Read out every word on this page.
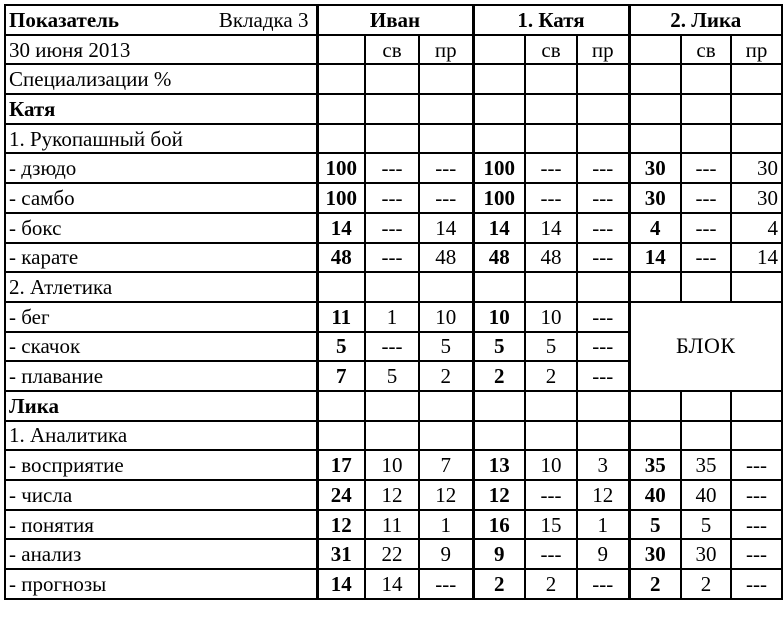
Показатель Вкладка 3	Иван			1. Катя			2. Лика		
30 июня 2013		св	пр		св	пр		св	пр
Специализации %									
Катя									
1. Рукопашный бой									
- дзюдо	100	---	---	100	---	---	30	---	30
- самбо	100	---	---	100	---	---	30	---	30
- бокс	14	---	14	14	14	---	4	---	4
- карате	48	---	48	48	48	---	14	---	14
2. Атлетика									
- бег	11	1	10	10	10	---	БЛОК		
- скачок	5	---	5	5	5	---			
- плавание	7	5	2	2	2	---			
Лика									
1. Аналитика									
- восприятие	17	10	7	13	10	3	35	35	---
- числа	24	12	12	12	---	12	40	40	---
- понятия	12	11	1	16	15	1	5	5	---
- анализ	31	22	9	9	---	9	30	30	---
- прогнозы	14	14	---	2	2	---	2	2	---
